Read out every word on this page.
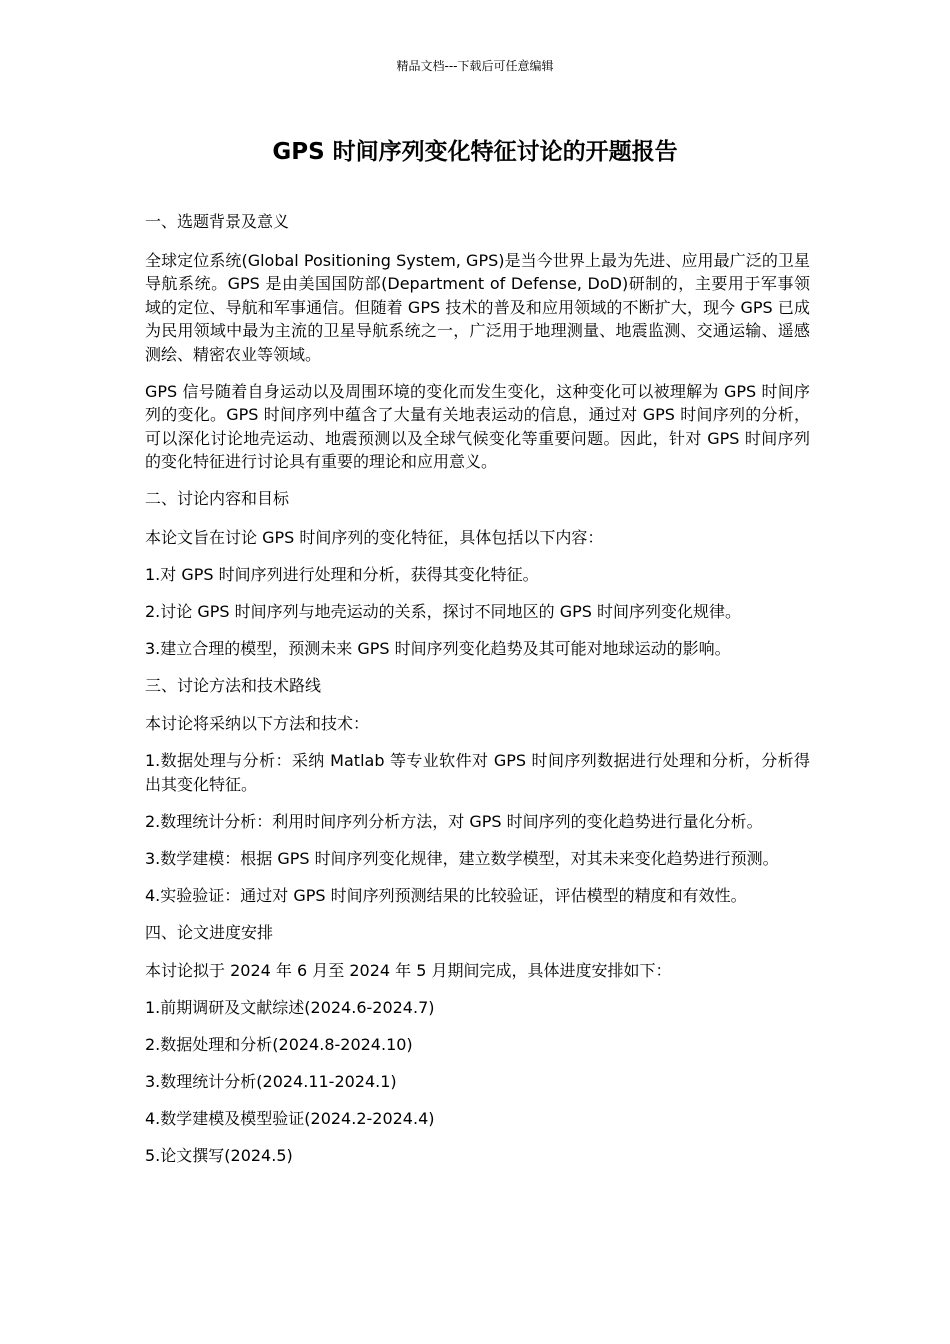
精品文档---下载后可任意编辑
GPS 时间序列变化特征讨论的开题报告

一、选题背景及意义

全球定位系统(Global Positioning System, GPS)是当今世界上最为先进、应用最广泛的卫星导航系统。GPS 是由美国国防部(Department of Defense, DoD)研制的，主要用于军事领域的定位、导航和军事通信。但随着 GPS 技术的普及和应用领域的不断扩大，现今 GPS 已成为民用领域中最为主流的卫星导航系统之一，广泛用于地理测量、地震监测、交通运输、遥感测绘、精密农业等领域。

GPS 信号随着自身运动以及周围环境的变化而发生变化，这种变化可以被理解为 GPS 时间序列的变化。GPS 时间序列中蕴含了大量有关地表运动的信息，通过对 GPS 时间序列的分析，可以深化讨论地壳运动、地震预测以及全球气候变化等重要问题。因此，针对 GPS 时间序列的变化特征进行讨论具有重要的理论和应用意义。

二、讨论内容和目标

本论文旨在讨论 GPS 时间序列的变化特征，具体包括以下内容：

1.对 GPS 时间序列进行处理和分析，获得其变化特征。

2.讨论 GPS 时间序列与地壳运动的关系，探讨不同地区的 GPS 时间序列变化规律。

3.建立合理的模型，预测未来 GPS 时间序列变化趋势及其可能对地球运动的影响。

三、讨论方法和技术路线

本讨论将采纳以下方法和技术：

1.数据处理与分析：采纳 Matlab 等专业软件对 GPS 时间序列数据进行处理和分析，分析得出其变化特征。

2.数理统计分析：利用时间序列分析方法，对 GPS 时间序列的变化趋势进行量化分析。

3.数学建模：根据 GPS 时间序列变化规律，建立数学模型，对其未来变化趋势进行预测。

4.实验验证：通过对 GPS 时间序列预测结果的比较验证，评估模型的精度和有效性。

四、论文进度安排

本讨论拟于 2024 年 6 月至 2024 年 5 月期间完成，具体进度安排如下：

1.前期调研及文献综述(2024.6-2024.7)

2.数据处理和分析(2024.8-2024.10)

3.数理统计分析(2024.11-2024.1)

4.数学建模及模型验证(2024.2-2024.4)

5.论文撰写(2024.5)
